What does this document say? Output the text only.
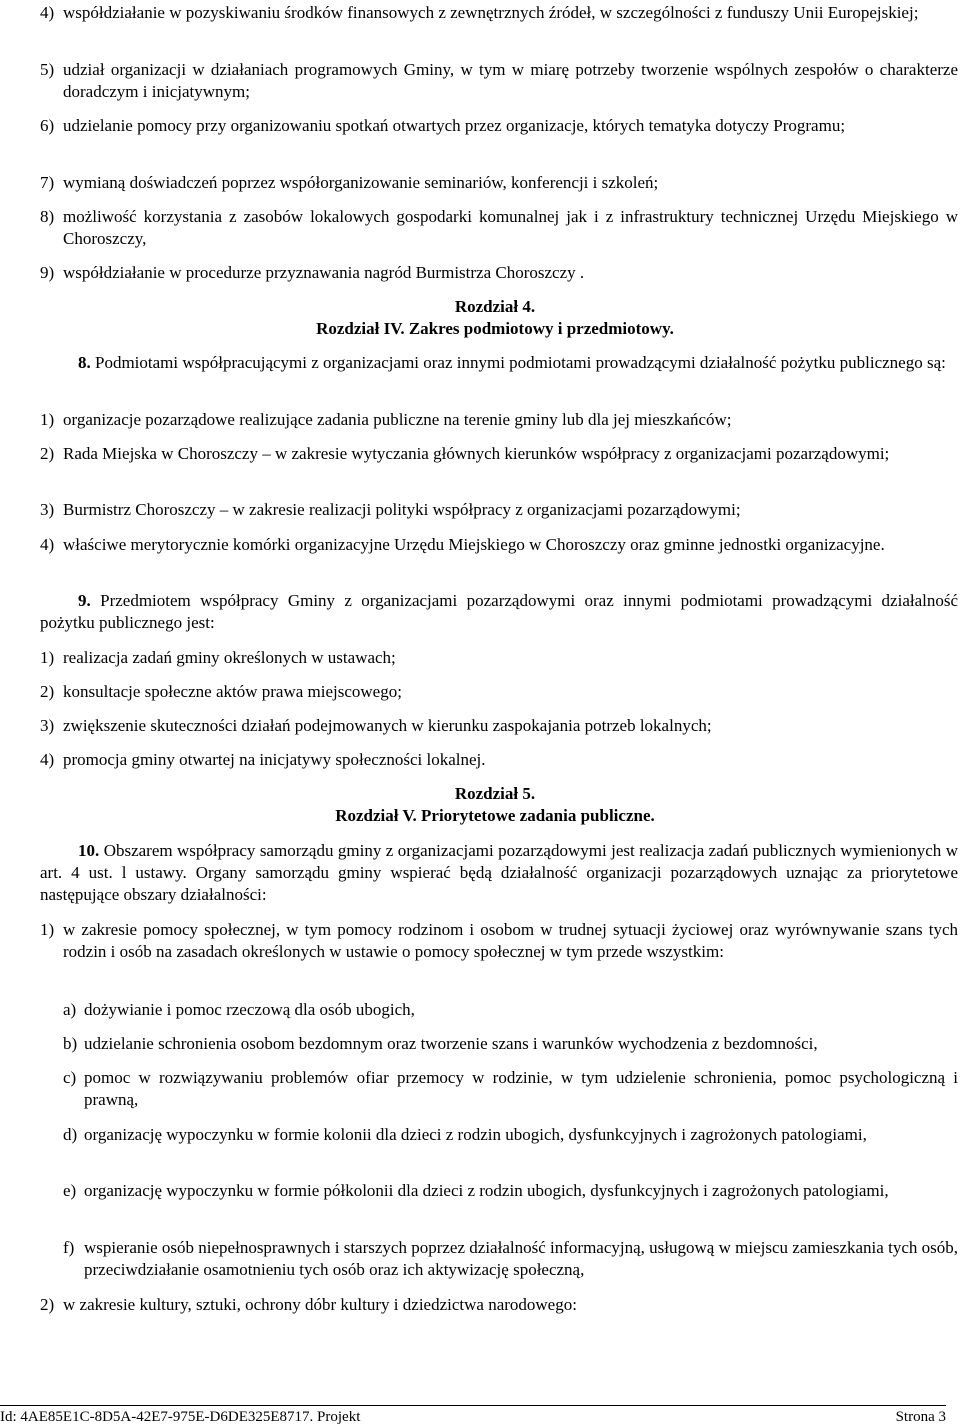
4) współdziałanie w pozyskiwaniu środków finansowych z zewnętrznych źródeł, w szczególności z funduszy Unii Europejskiej;
5) udział organizacji w działaniach programowych Gminy, w tym w miarę potrzeby tworzenie wspólnych zespołów o charakterze doradczym i inicjatywnym;
6) udzielanie pomocy przy organizowaniu spotkań otwartych przez organizacje, których tematyka dotyczy Programu;
7) wymianą doświadczeń poprzez współorganizowanie seminariów, konferencji i szkoleń;
8) możliwość korzystania z zasobów lokalowych gospodarki komunalnej jak i z infrastruktury technicznej Urzędu Miejskiego w Choroszczy,
9) współdziałanie w procedurze przyznawania nagród Burmistrza Choroszczy .
Rozdział 4.
Rozdział IV. Zakres podmiotowy i przedmiotowy.
8. Podmiotami współpracującymi z organizacjami oraz innymi podmiotami prowadzącymi działalność pożytku publicznego są:
1) organizacje pozarządowe realizujące zadania publiczne na terenie gminy lub dla jej mieszkańców;
2) Rada Miejska w Choroszczy – w zakresie wytyczania głównych kierunków współpracy z organizacjami pozarządowymi;
3) Burmistrz Choroszczy – w zakresie realizacji polityki współpracy z organizacjami pozarządowymi;
4) właściwe merytorycznie komórki organizacyjne Urzędu Miejskiego w Choroszczy oraz gminne jednostki organizacyjne.
9. Przedmiotem współpracy Gminy z organizacjami pozarządowymi oraz innymi podmiotami prowadzącymi działalność pożytku publicznego jest:
1) realizacja zadań gminy określonych w ustawach;
2) konsultacje społeczne aktów prawa miejscowego;
3) zwiększenie skuteczności działań podejmowanych w kierunku zaspokajania potrzeb lokalnych;
4) promocja gminy otwartej na inicjatywy społeczności lokalnej.
Rozdział 5.
Rozdział V. Priorytetowe zadania publiczne.
10. Obszarem współpracy samorządu gminy z organizacjami pozarządowymi jest realizacja zadań publicznych wymienionych w art. 4 ust. l ustawy. Organy samorządu gminy wspierać będą działalność organizacji pozarządowych uznając za priorytetowe następujące obszary działalności:
1) w zakresie pomocy społecznej, w tym pomocy rodzinom i osobom w trudnej sytuacji życiowej oraz wyrównywanie szans tych rodzin i osób na zasadach określonych w ustawie o pomocy społecznej w tym przede wszystkim:
a) dożywianie i pomoc rzeczową dla osób ubogich,
b) udzielanie schronienia osobom bezdomnym oraz tworzenie szans i warunków wychodzenia z bezdomności,
c) pomoc w rozwiązywaniu problemów ofiar przemocy w rodzinie, w tym udzielenie schronienia, pomoc psychologiczną i prawną,
d) organizację wypoczynku w formie kolonii dla dzieci z rodzin ubogich, dysfunkcyjnych i zagrożonych patologiami,
e) organizację wypoczynku w formie półkolonii dla dzieci z rodzin ubogich, dysfunkcyjnych i zagrożonych patologiami,
f) wspieranie osób niepełnosprawnych i starszych poprzez działalność informacyjną, usługową w miejscu zamieszkania tych osób, przeciwdziałanie osamotnieniu tych osób oraz ich aktywizację społeczną,
2) w zakresie kultury, sztuki, ochrony dóbr kultury i dziedzictwa narodowego:
Id: 4AE85E1C-8D5A-42E7-975E-D6DE325E8717. Projekt	Strona 3
